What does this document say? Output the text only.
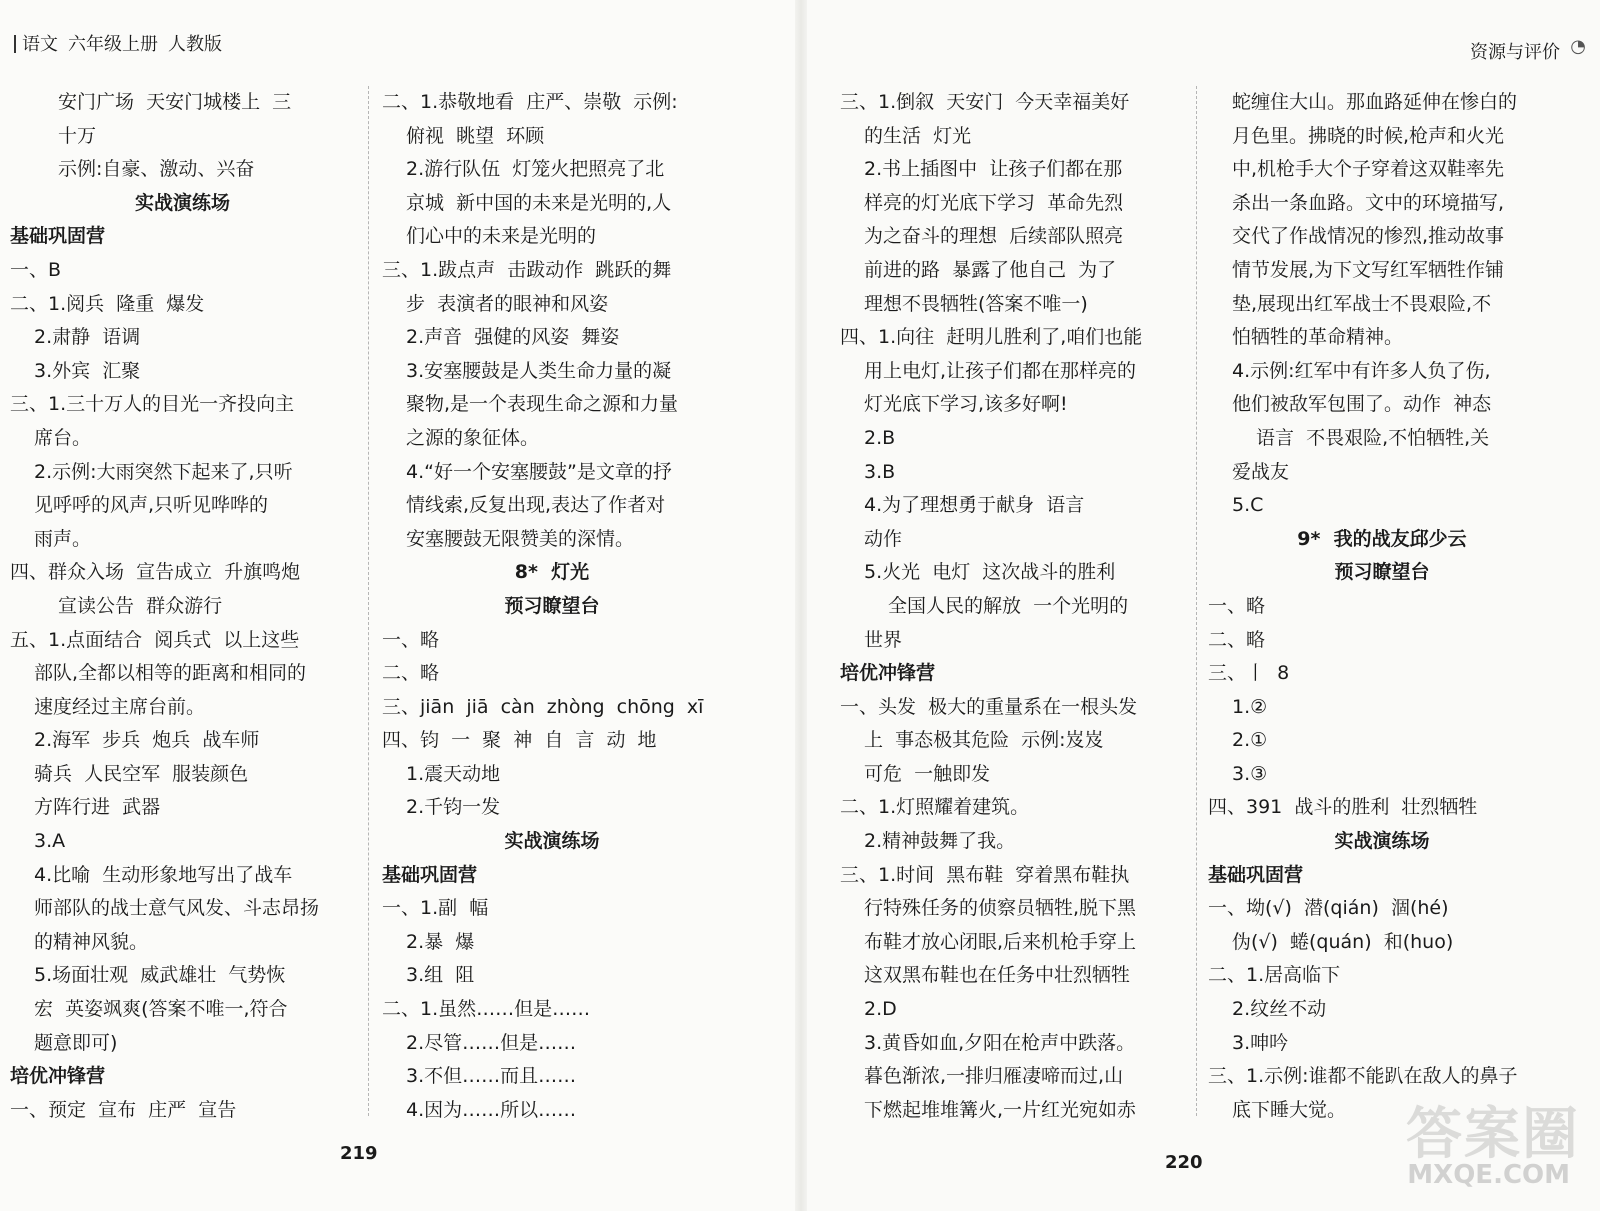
语文 六年级上册 人教版	资源与评价 ◔
安门广场  天安门城楼上  三
十万
示例:自豪、激动、兴奋
实战演练场
基础巩固营
一、B
二、1.阅兵  隆重  爆发
2.肃静  语调
3.外宾  汇聚
三、1.三十万人的目光一齐投向主
席台。
2.示例:大雨突然下起来了,只听
见呼呼的风声,只听见哗哗的
雨声。
四、群众入场  宣告成立  升旗鸣炮
宣读公告  群众游行
五、1.点面结合  阅兵式  以上这些
部队,全都以相等的距离和相同的
速度经过主席台前。
2.海军  步兵  炮兵  战车师
骑兵  人民空军  服装颜色
方阵行进  武器
3.A
4.比喻  生动形象地写出了战车
师部队的战士意气风发、斗志昂扬
的精神风貌。
5.场面壮观  威武雄壮  气势恢
宏  英姿飒爽(答案不唯一,符合
题意即可)
培优冲锋营
一、预定  宣布  庄严  宣告
二、1.恭敬地看  庄严、崇敬  示例:
俯视  眺望  环顾
2.游行队伍  灯笼火把照亮了北
京城  新中国的未来是光明的,人
们心中的未来是光明的
三、1.跋点声  击跋动作  跳跃的舞
步  表演者的眼神和风姿
2.声音  强健的风姿  舞姿
3.安塞腰鼓是人类生命力量的凝
聚物,是一个表现生命之源和力量
之源的象征体。
4.“好一个安塞腰鼓”是文章的抒
情线索,反复出现,表达了作者对
安塞腰鼓无限赞美的深情。
8*  灯光
预习瞭望台
一、略
二、略
三、jiān  jiā  càn  zhòng  chōng  xī
四、钧  一  聚  神  自  言  动  地
1.震天动地
2.千钧一发
实战演练场
基础巩固营
一、1.副  幅
2.暴  爆
3.组  阻
二、1.虽然……但是……
2.尽管……但是……
3.不但……而且……
4.因为……所以……
三、1.倒叙  天安门  今天幸福美好
的生活  灯光
2.书上插图中  让孩子们都在那
样亮的灯光底下学习  革命先烈
为之奋斗的理想  后续部队照亮
前进的路  暴露了他自己  为了
理想不畏牺牲(答案不唯一)
四、1.向往  赶明儿胜利了,咱们也能
用上电灯,让孩子们都在那样亮的
灯光底下学习,该多好啊!
2.B
3.B
4.为了理想勇于献身  语言
动作
5.火光  电灯  这次战斗的胜利
全国人民的解放  一个光明的
世界
培优冲锋营
一、头发  极大的重量系在一根头发
上  事态极其危险  示例:岌岌
可危  一触即发
二、1.灯照耀着建筑。
2.精神鼓舞了我。
三、1.时间  黑布鞋  穿着黑布鞋执
行特殊任务的侦察员牺牲,脱下黑
布鞋才放心闭眼,后来机枪手穿上
这双黑布鞋也在任务中壮烈牺牲
2.D
3.黄昏如血,夕阳在枪声中跌落。
暮色渐浓,一排归雁凄啼而过,山
下燃起堆堆篝火,一片红光宛如赤
蛇缠住大山。那血路延伸在惨白的
月色里。拂晓的时候,枪声和火光
中,机枪手大个子穿着这双鞋率先
杀出一条血路。文中的环境描写,
交代了作战情况的惨烈,推动故事
情节发展,为下文写红军牺牲作铺
垫,展现出红军战士不畏艰险,不
怕牺牲的革命精神。
4.示例:红军中有许多人负了伤,
他们被敌军包围了。动作  神态
语言  不畏艰险,不怕牺牲,关
爱战友
5.C
9*  我的战友邱少云
预习瞭望台
一、略
二、略
三、丨  8
1.②
2.①
3.③
四、391  战斗的胜利  壮烈牺牲
实战演练场
基础巩固营
一、坳(√)  潜(qián)  涸(hé)
伪(√)  蜷(quán)  和(huo)
二、1.居高临下
2.纹丝不动
3.呻吟
三、1.示例:谁都不能趴在敌人的鼻子
底下睡大觉。
219	220	答案圈
MXQE.COM
